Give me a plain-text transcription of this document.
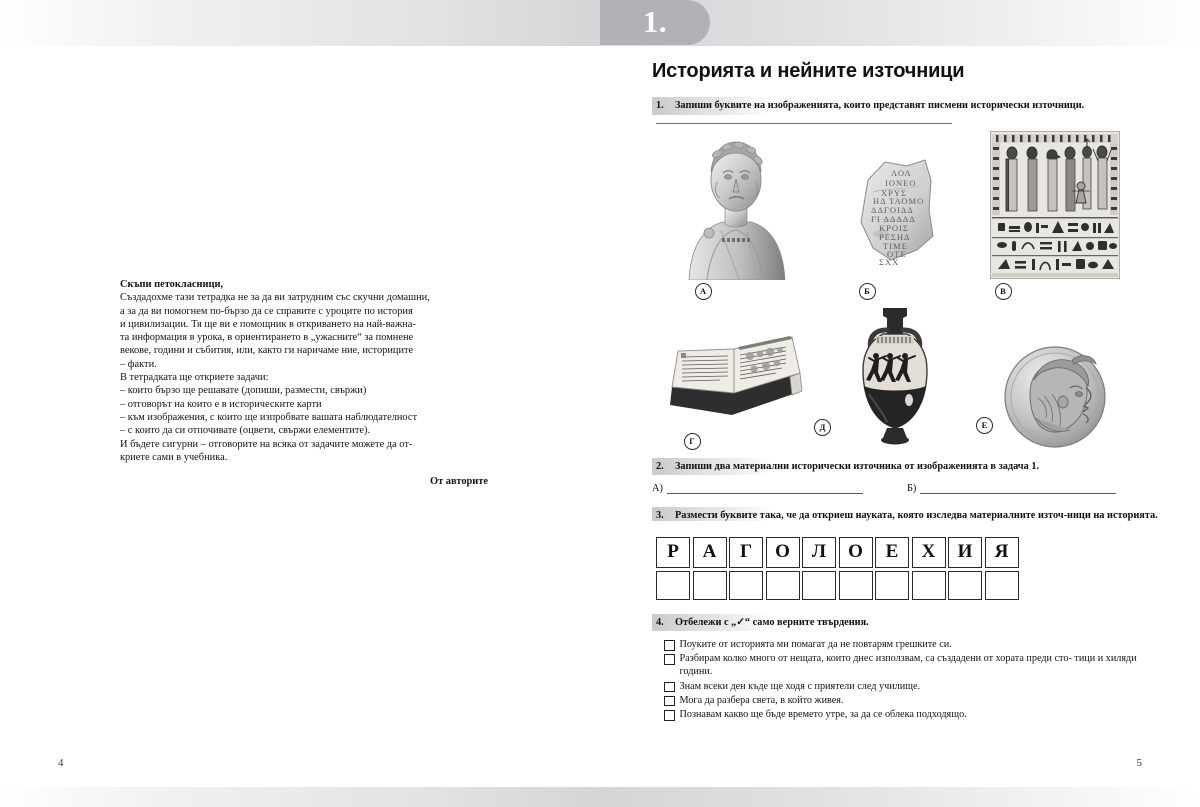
1.

Скъпи петокласници,
Създадохме тази тетрадка не за да ви затрудним със скучни домашни,
а за да ви помогнем по-бързо да се справите с уроците по история
и цивилизации. Тя ще ви е помощник в откриването на най-важна-
та информация в урока, в ориентирането в „ужасните“ за помнене
векове, години и събития, или, както ги наричаме ние, историците
– факти.
В тетрадката ще откриете задачи:
– които бързо ще решавате (допиши, размести, свържи)
– отговорът на които е в историческите карти
– към изображения, с които ще изпробвате вашата наблюдателност
– с които да си отпочивате (оцвети, свържи елементите).
И бъдете сигурни – отговорите на всяка от задачите можете да от-
криете сами в учебника.
От авторите

4
Историята и нейните източници
1. Запиши буквите на изображенията, които представят писмени исторически източници.
А
ΛΟΛ
ΙΟΝΕΟ
ΧΡΥΣ
ΗΔ ΤΑΟΜΟ
ΔΔΓΟΙΔΔ
ΓΙ ΔΔΔΔΔ
ΚΡΟΙΣ
ΡΕΣΗΔ
ΤΙΜΕ
ΟΤΕ
ΣΧΧ
Б	В
Г
Д	Е
2. Запиши два материални исторически източника от изображенията в задача 1.
А)	Б)
3. Размести буквите така, че да откриеш науката, която изследва материалните източ-ници на историята.
Р	А	Г	О	Л	О	Е	Х	И	Я
4. Отбележи с „✓“ само верните твърдения.
Поуките от историята ми помагат да не повтарям грешките си.
Разбирам колко много от нещата, които днес използвам, са създадени от хората преди сто- тици и хиляди години.
Знам всеки ден къде ще ходя с приятели след училище.
Мога да разбера света, в който живея.
Познавам какво ще бъде времето утре, за да се облека подходящо.
5
